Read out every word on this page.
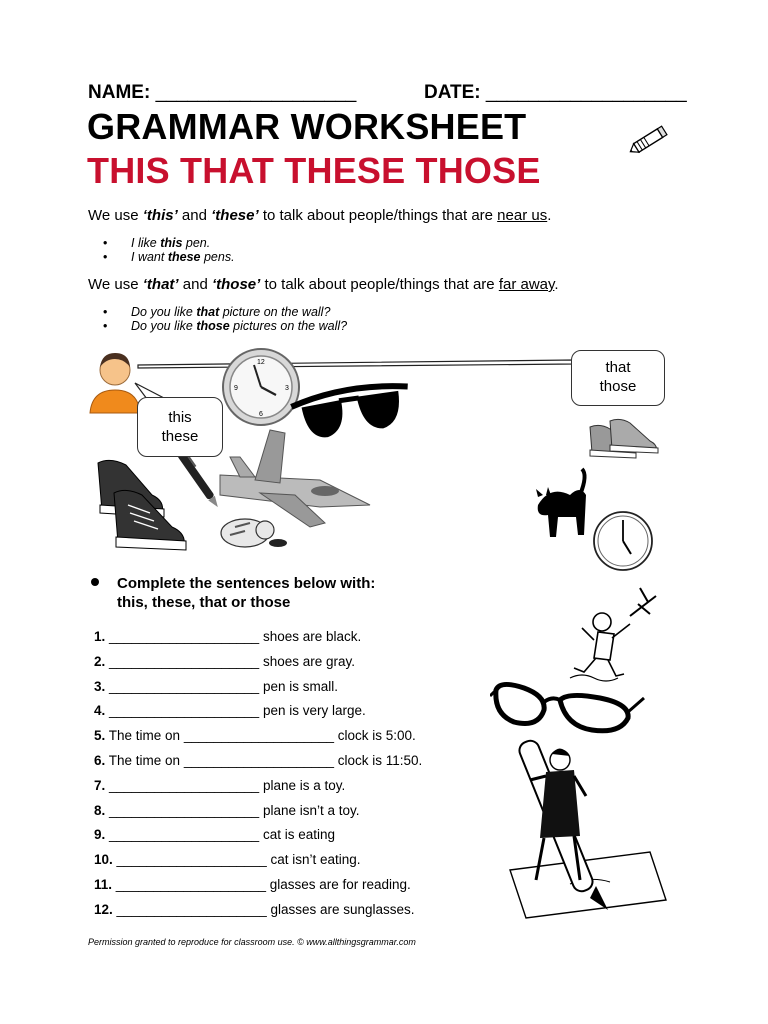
NAME: ___________________	DATE: ___________________
GRAMMAR WORKSHEET
THIS THAT THESE THOSE
We use ‘this’ and ‘these’ to talk about people/things that are near us.
• I like this pen.
• I want these pens.
We use ‘that’ and ‘those’ to talk about people/things that are far away.
• Do you like that picture on the wall?
• Do you like those pictures on the wall?
12
3
6
9
this
these
that
those
Complete the sentences below with:
this, these, that or those
1. ____________________ shoes are black.
2. ____________________ shoes are gray.
3. ____________________ pen is small.
4. ____________________ pen is very large.
5. The time on ____________________ clock is 5:00.
6. The time on ____________________ clock is 11:50.
7. ____________________ plane is a toy.
8. ____________________ plane isn’t a toy.
9. ____________________ cat is eating
10. ____________________ cat isn’t eating.
11. ____________________ glasses are for reading.
12. ____________________ glasses are sunglasses.
Permission granted to reproduce for classroom use. © www.allthingsgrammar.com
